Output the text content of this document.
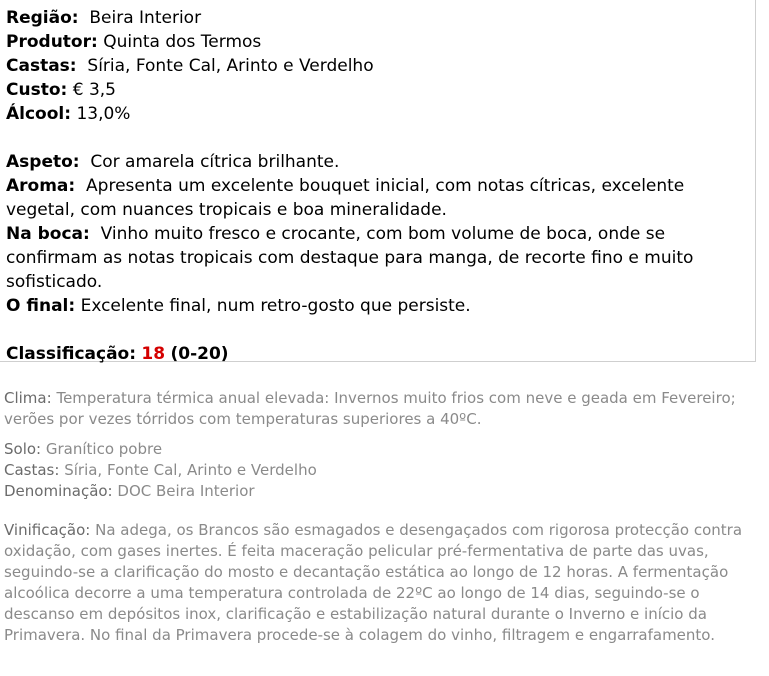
Região: Beira Interior
Produtor: Quinta dos Termos
Castas: Síria, Fonte Cal, Arinto e Verdelho
Custo: € 3,5
Álcool: 13,0%
Aspeto: Cor amarela cítrica brilhante.
Aroma: Apresenta um excelente bouquet inicial, com notas cítricas, excelente vegetal, com nuances tropicais e boa mineralidade.
Na boca: Vinho muito fresco e crocante, com bom volume de boca, onde se confirmam as notas tropicais com destaque para manga, de recorte fino e muito sofisticado.
O final: Excelente final, num retro-gosto que persiste.
Classificação: 18 (0-20)

Clima: Temperatura térmica anual elevada: Invernos muito frios com neve e geada em Fevereiro; verões por vezes tórridos com temperaturas superiores a 40ºC.

Solo: Granítico pobre

Castas: Síria, Fonte Cal, Arinto e Verdelho

Denominação: DOC Beira Interior

Vinificação: Na adega, os Brancos são esmagados e desengaçados com rigorosa protecção contra oxidação, com gases inertes. É feita maceração pelicular pré-fermentativa de parte das uvas, seguindo-se a clarificação do mosto e decantação estática ao longo de 12 horas. A fermentação alcoólica decorre a uma temperatura controlada de 22ºC ao longo de 14 dias, seguindo-se o descanso em depósitos inox, clarificação e estabilização natural durante o Inverno e início da Primavera. No final da Primavera procede-se à colagem do vinho, filtragem e engarrafamento.
